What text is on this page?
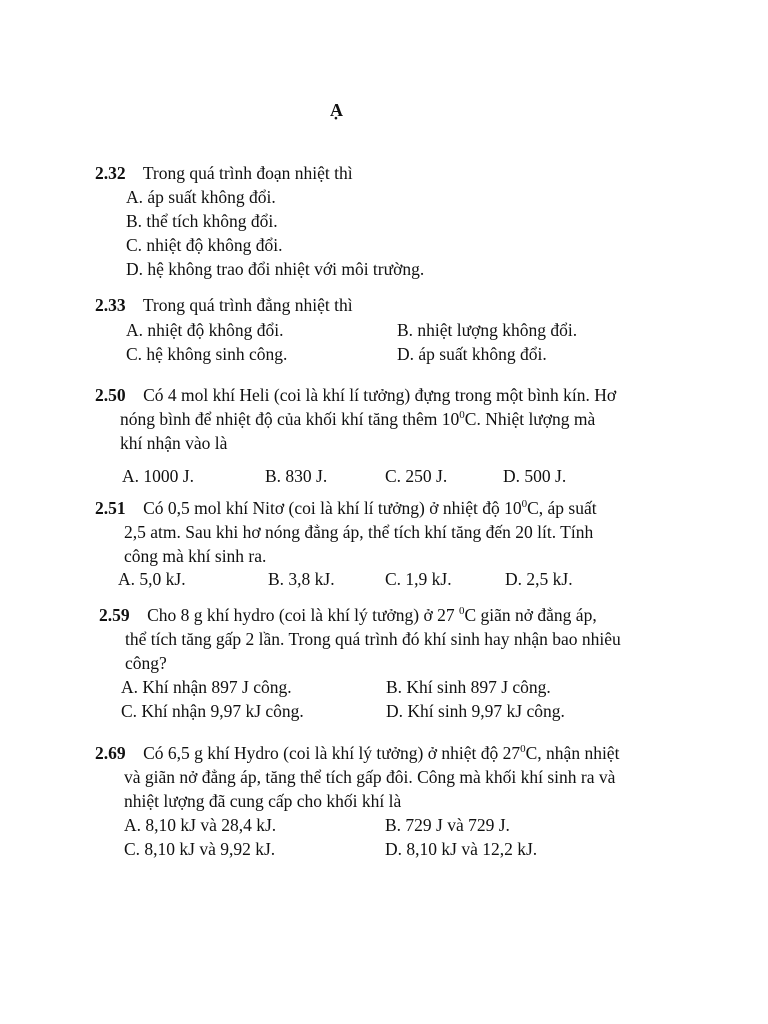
Ạ
2.32 Trong quá trình đoạn nhiệt thì
A. áp suất không đổi.
B. thể tích không đổi.
C. nhiệt độ không đổi.
D. hệ không trao đổi nhiệt với môi trường.
2.33 Trong quá trình đẳng nhiệt thì
A. nhiệt độ không đổi.	B. nhiệt lượng không đổi.
C. hệ không sinh công.	D. áp suất không đổi.
2.50 Có 4 mol khí Heli (coi là khí lí tưởng) đựng trong một bình kín. Hơ
nóng bình để nhiệt độ của khối khí tăng thêm $10^0C$. Nhiệt lượng mà
khí nhận vào là
A. 1000 J.	B. 830 J.	C. 250 J.	D. 500 J.
2.51 Có 0,5 mol khí Nitơ (coi là khí lí tưởng) ở nhiệt độ $10^0C$, áp suất
2,5 atm. Sau khi hơ nóng đẳng áp, thể tích khí tăng đến 20 lít. Tính
công mà khí sinh ra.
A. 5,0 kJ.	B. 3,8 kJ.	C. 1,9 kJ.	D. 2,5 kJ.
2.59 Cho 8 g khí hydro (coi là khí lý tưởng) ở 27 $^0$C giãn nở đẳng áp,
thể tích tăng gấp 2 lần. Trong quá trình đó khí sinh hay nhận bao nhiêu
công?
A. Khí nhận 897 J công.	B. Khí sinh 897 J công.
C. Khí nhận 9,97 kJ công.	D. Khí sinh 9,97 kJ công.
2.69 Có 6,5 g khí Hydro (coi là khí lý tưởng) ở nhiệt độ $27^0C$, nhận nhiệt
và giãn nở đẳng áp, tăng thể tích gấp đôi. Công mà khối khí sinh ra và
nhiệt lượng đã cung cấp cho khối khí là
A. 8,10 kJ và 28,4 kJ.	B. 729 J và 729 J.
C. 8,10 kJ và 9,92 kJ.	D. 8,10 kJ và 12,2 kJ.
